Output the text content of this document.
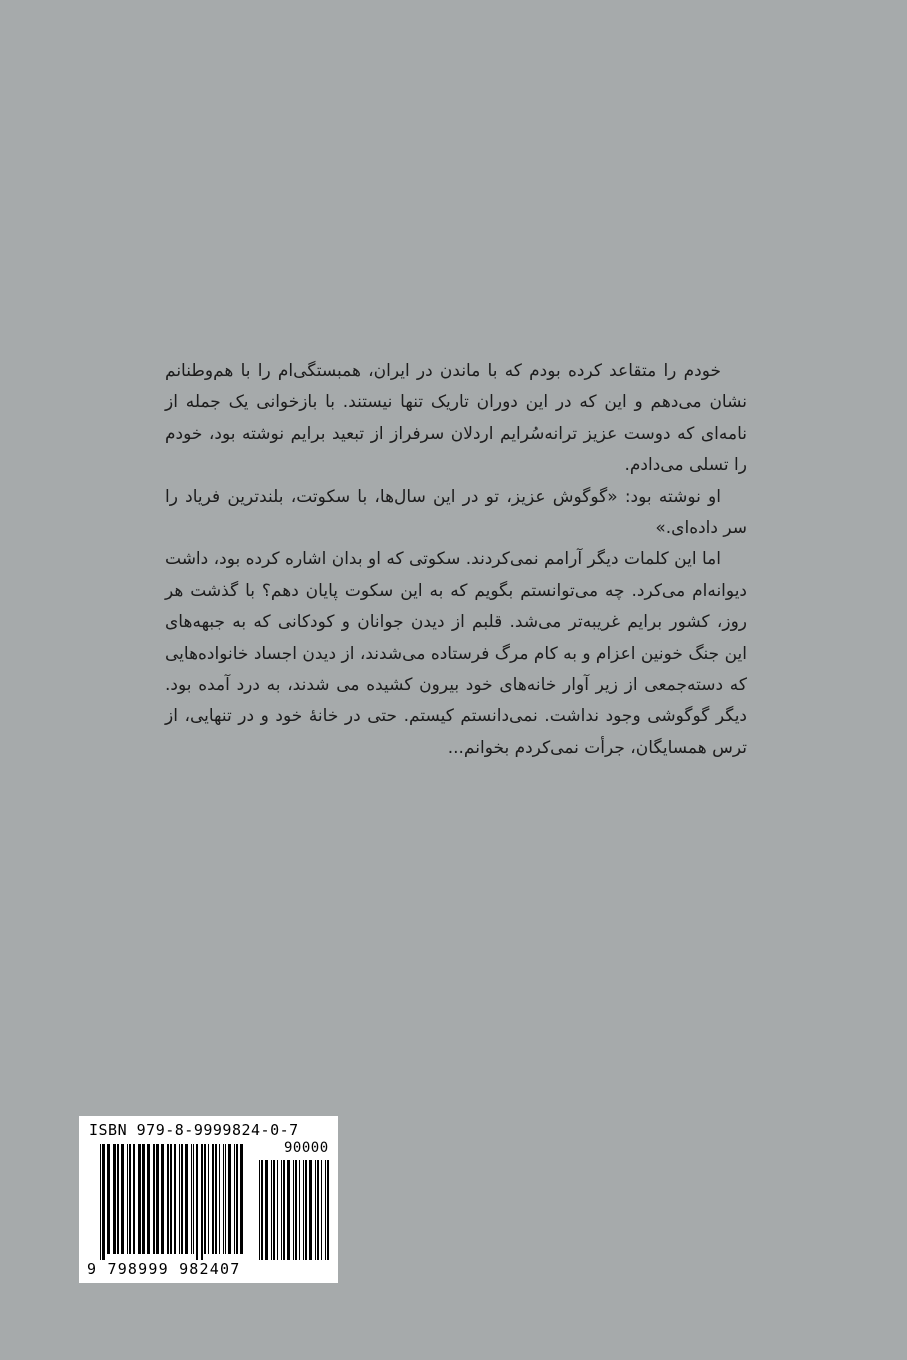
خودم را متقاعد کرده بودم که با ماندن در ایران، همبستگی‌ام را با هم‌وطنانم نشان می‌دهم و این که در این دوران تاریک تنها نیستند. با بازخوانی یک جمله از نامه‌ای که دوست عزیز ترانه‌سُرایم اردلان سرفراز از تبعید برایم نوشته بود، خودم را تسلی می‌دادم.

او نوشته بود: «گوگوش عزیز، تو در این سال‌ها، با سکوتت، بلندترین فریاد را سر داده‌ای.»

اما این کلمات دیگر آرامم نمی‌کردند. سکوتی که او بدان اشاره کرده بود، داشت دیوانه‌ام می‌کرد. چه می‌توانستم بگویم که به این سکوت پایان دهم؟ با گذشت هر روز، کشور برایم غریبه‌تر می‌شد. قلبم از دیدن جوانان و کودکانی که به جبهه‌های این جنگ خونین اعزام و به کام مرگ فرستاده می‌شدند، از دیدن اجساد خانواده‌هایی که دسته‌جمعی از زیر آوار خانه‌های خود بیرون کشیده می شدند، به درد آمده بود. دیگر گوگوشی وجود نداشت. نمی‌دانستم کیستم. حتی در خانهٔ خود و در تنهایی، از ترس همسایگان، جرأت نمی‌کردم بخوانم...

ISBN 979-8-9999824-0-7
90000
9 798999 982407
